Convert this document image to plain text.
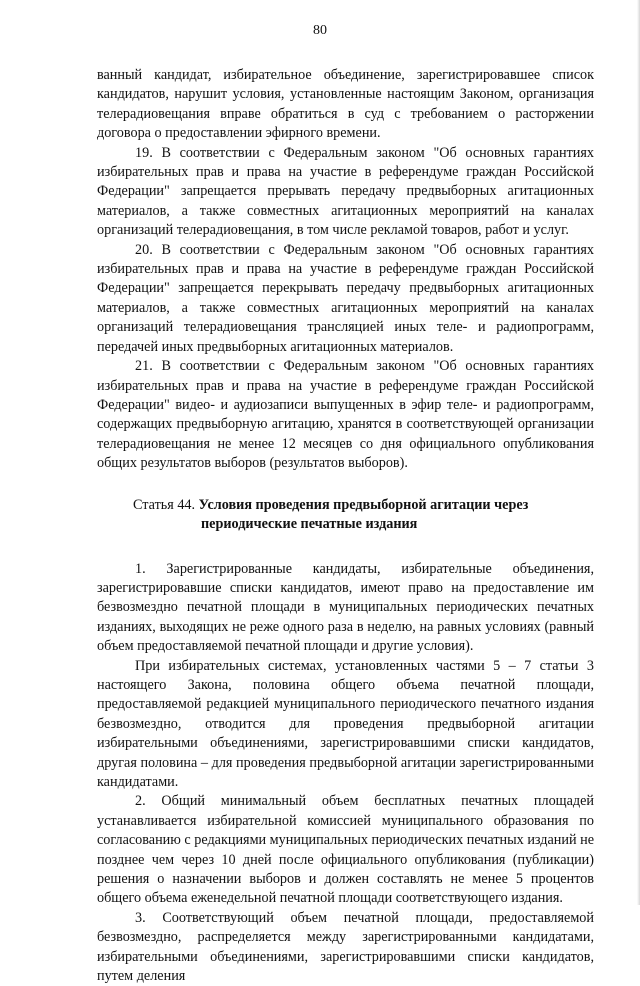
80

ванный кандидат, избирательное объединение, зарегистрировавшее список кандидатов, нарушит условия, установленные настоящим Законом, организация телерадиовещания вправе обратиться в суд с требованием о расторжении договора о предоставлении эфирного времени.

19. В соответствии с Федеральным законом "Об основных гарантиях избирательных прав и права на участие в референдуме граждан Российской Федерации" запрещается прерывать передачу предвыборных агитационных материалов, а также совместных агитационных мероприятий на каналах организаций телерадиовещания, в том числе рекламой товаров, работ и услуг.

20. В соответствии с Федеральным законом "Об основных гарантиях избирательных прав и права на участие в референдуме граждан Российской Федерации" запрещается перекрывать передачу предвыборных агитационных материалов, а также совместных агитационных мероприятий на каналах организаций телерадиовещания трансляцией иных теле- и радиопрограмм, передачей иных предвыборных агитационных материалов.

21. В соответствии с Федеральным законом "Об основных гарантиях избирательных прав и права на участие в референдуме граждан Российской Федерации" видео- и аудиозаписи выпущенных в эфир теле- и радиопрограмм, содержащих предвыборную агитацию, хранятся в соответствующей организации телерадиовещания не менее 12 месяцев со дня официального опубликования общих результатов выборов (результатов выборов).

Статья 44. Условия проведения предвыборной агитации через
периодические печатные издания

1. Зарегистрированные кандидаты, избирательные объединения, зарегистрировавшие списки кандидатов, имеют право на предоставление им безвозмездно печатной площади в муниципальных периодических печатных изданиях, выходящих не реже одного раза в неделю, на равных условиях (равный объем предоставляемой печатной площади и другие условия).

При избирательных системах, установленных частями 5 – 7 статьи 3 настоящего Закона, половина общего объема печатной площади, предоставляемой редакцией муниципального периодического печатного издания безвозмездно, отводится для проведения предвыборной агитации избирательными объединениями, зарегистрировавшими списки кандидатов, другая половина – для проведения предвыборной агитации зарегистрированными кандидатами.

2. Общий минимальный объем бесплатных печатных площадей устанавливается избирательной комиссией муниципального образования по согласованию с редакциями муниципальных периодических печатных изданий не позднее чем через 10 дней после официального опубликования (публикации) решения о назначении выборов и должен составлять не менее 5 процентов общего объема еженедельной печатной площади соответствующего издания.

3. Соответствующий объем печатной площади, предоставляемой безвозмездно, распределяется между зарегистрированными кандидатами, избирательными объединениями, зарегистрировавшими списки кандидатов, путем деления
